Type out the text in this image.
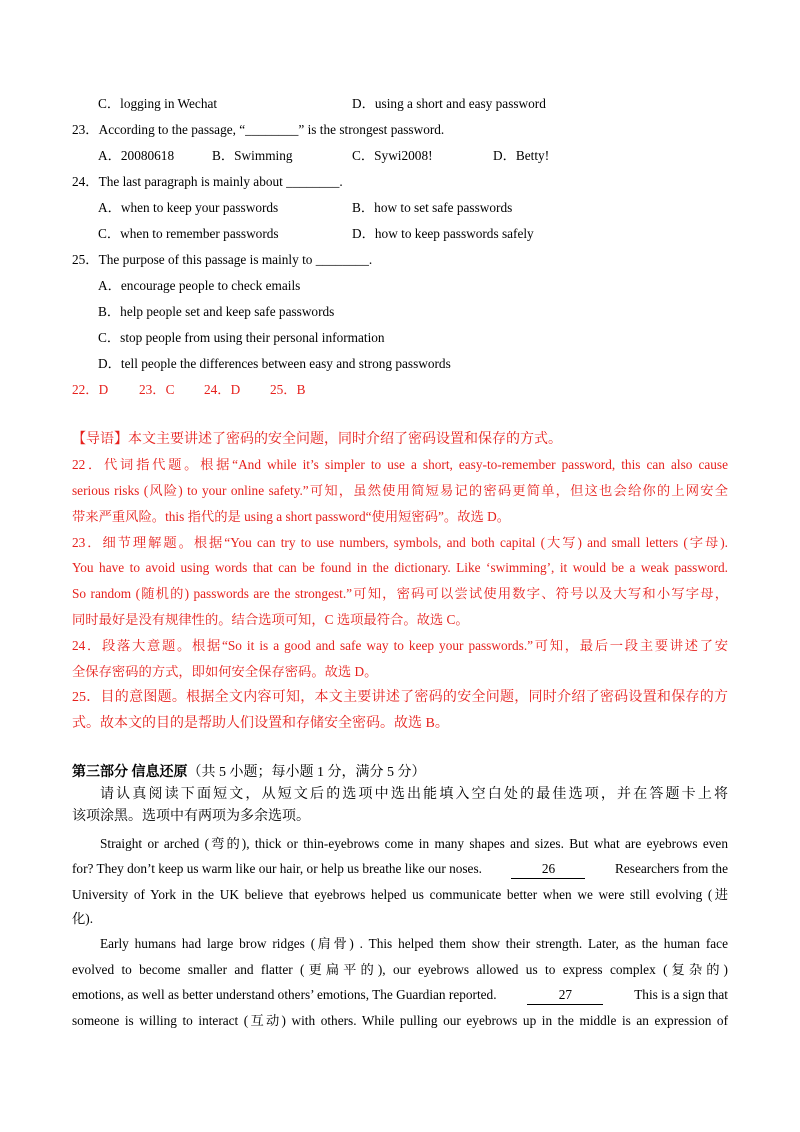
C．logging in Wechat	D．using a short and easy password
23．According to the passage, “________” is the strongest password.
A．20080618	B．Swimming	C．Sywi2008!	D．Betty!
24．The last paragraph is mainly about ________.
A．when to keep your passwords	B．how to set safe passwords
C．when to remember passwords	D．how to keep passwords safely
25．The purpose of this passage is mainly to ________.
A．encourage people to check emails
B．help people set and keep safe passwords
C．stop people from using their personal information
D．tell people the differences between easy and strong passwords
22．D 23．C 24．D 25．B
【导语】本文主要讲述了密码的安全问题，同时介绍了密码设置和保存的方式。
22．代词指代题。根据“And while it’s simpler to use a short, easy-to-remember password, this can also cause
serious risks (风险) to your online safety.”可知，虽然使用简短易记的密码更简单，但这也会给你的上网安全
带来严重风险。this 指代的是 using a short password“使用短密码”。故选 D。
23．细节理解题。根据“You can try to use numbers, symbols, and both capital (大写) and small letters (字母).
You have to avoid using words that can be found in the dictionary. Like ‘swimming’, it would be a weak password.
So random (随机的) passwords are the strongest.”可知，密码可以尝试使用数字、符号以及大写和小写字母，
同时最好是没有规律性的。结合选项可知，C 选项最符合。故选 C。
24．段落大意题。根据“So it is a good and safe way to keep your passwords.”可知，最后一段主要讲述了安
全保存密码的方式，即如何安全保存密码。故选 D。
25．目的意图题。根据全文内容可知，本文主要讲述了密码的安全问题，同时介绍了密码设置和保存的方
式。故本文的目的是帮助人们设置和存储安全密码。故选 B。
第三部分 信息还原（共 5 小题；每小题 1 分，满分 5 分）
请认真阅读下面短文，从短文后的选项中选出能填入空白处的最佳选项，并在答题卡上将
该项涂黑。选项中有两项为多余选项。
Straight or arched (弯的), thick or thin-eyebrows come in many shapes and sizes. But what are eyebrows even
for? They don’t keep us warm like our hair, or help us breathe like our noses.	26	Researchers from the
University of York in the UK believe that eyebrows helped us communicate better when we were still evolving (进
化).
Early humans had large brow ridges (肩骨) . This helped them show their strength. Later, as the human face
evolved to become smaller and flatter (更扁平的), our eyebrows allowed us to express complex (复杂的)
emotions, as well as better understand others’ emotions, The Guardian reported.	27	This is a sign that
someone is willing to interact (互动) with others. While pulling our eyebrows up in the middle is an expression of
